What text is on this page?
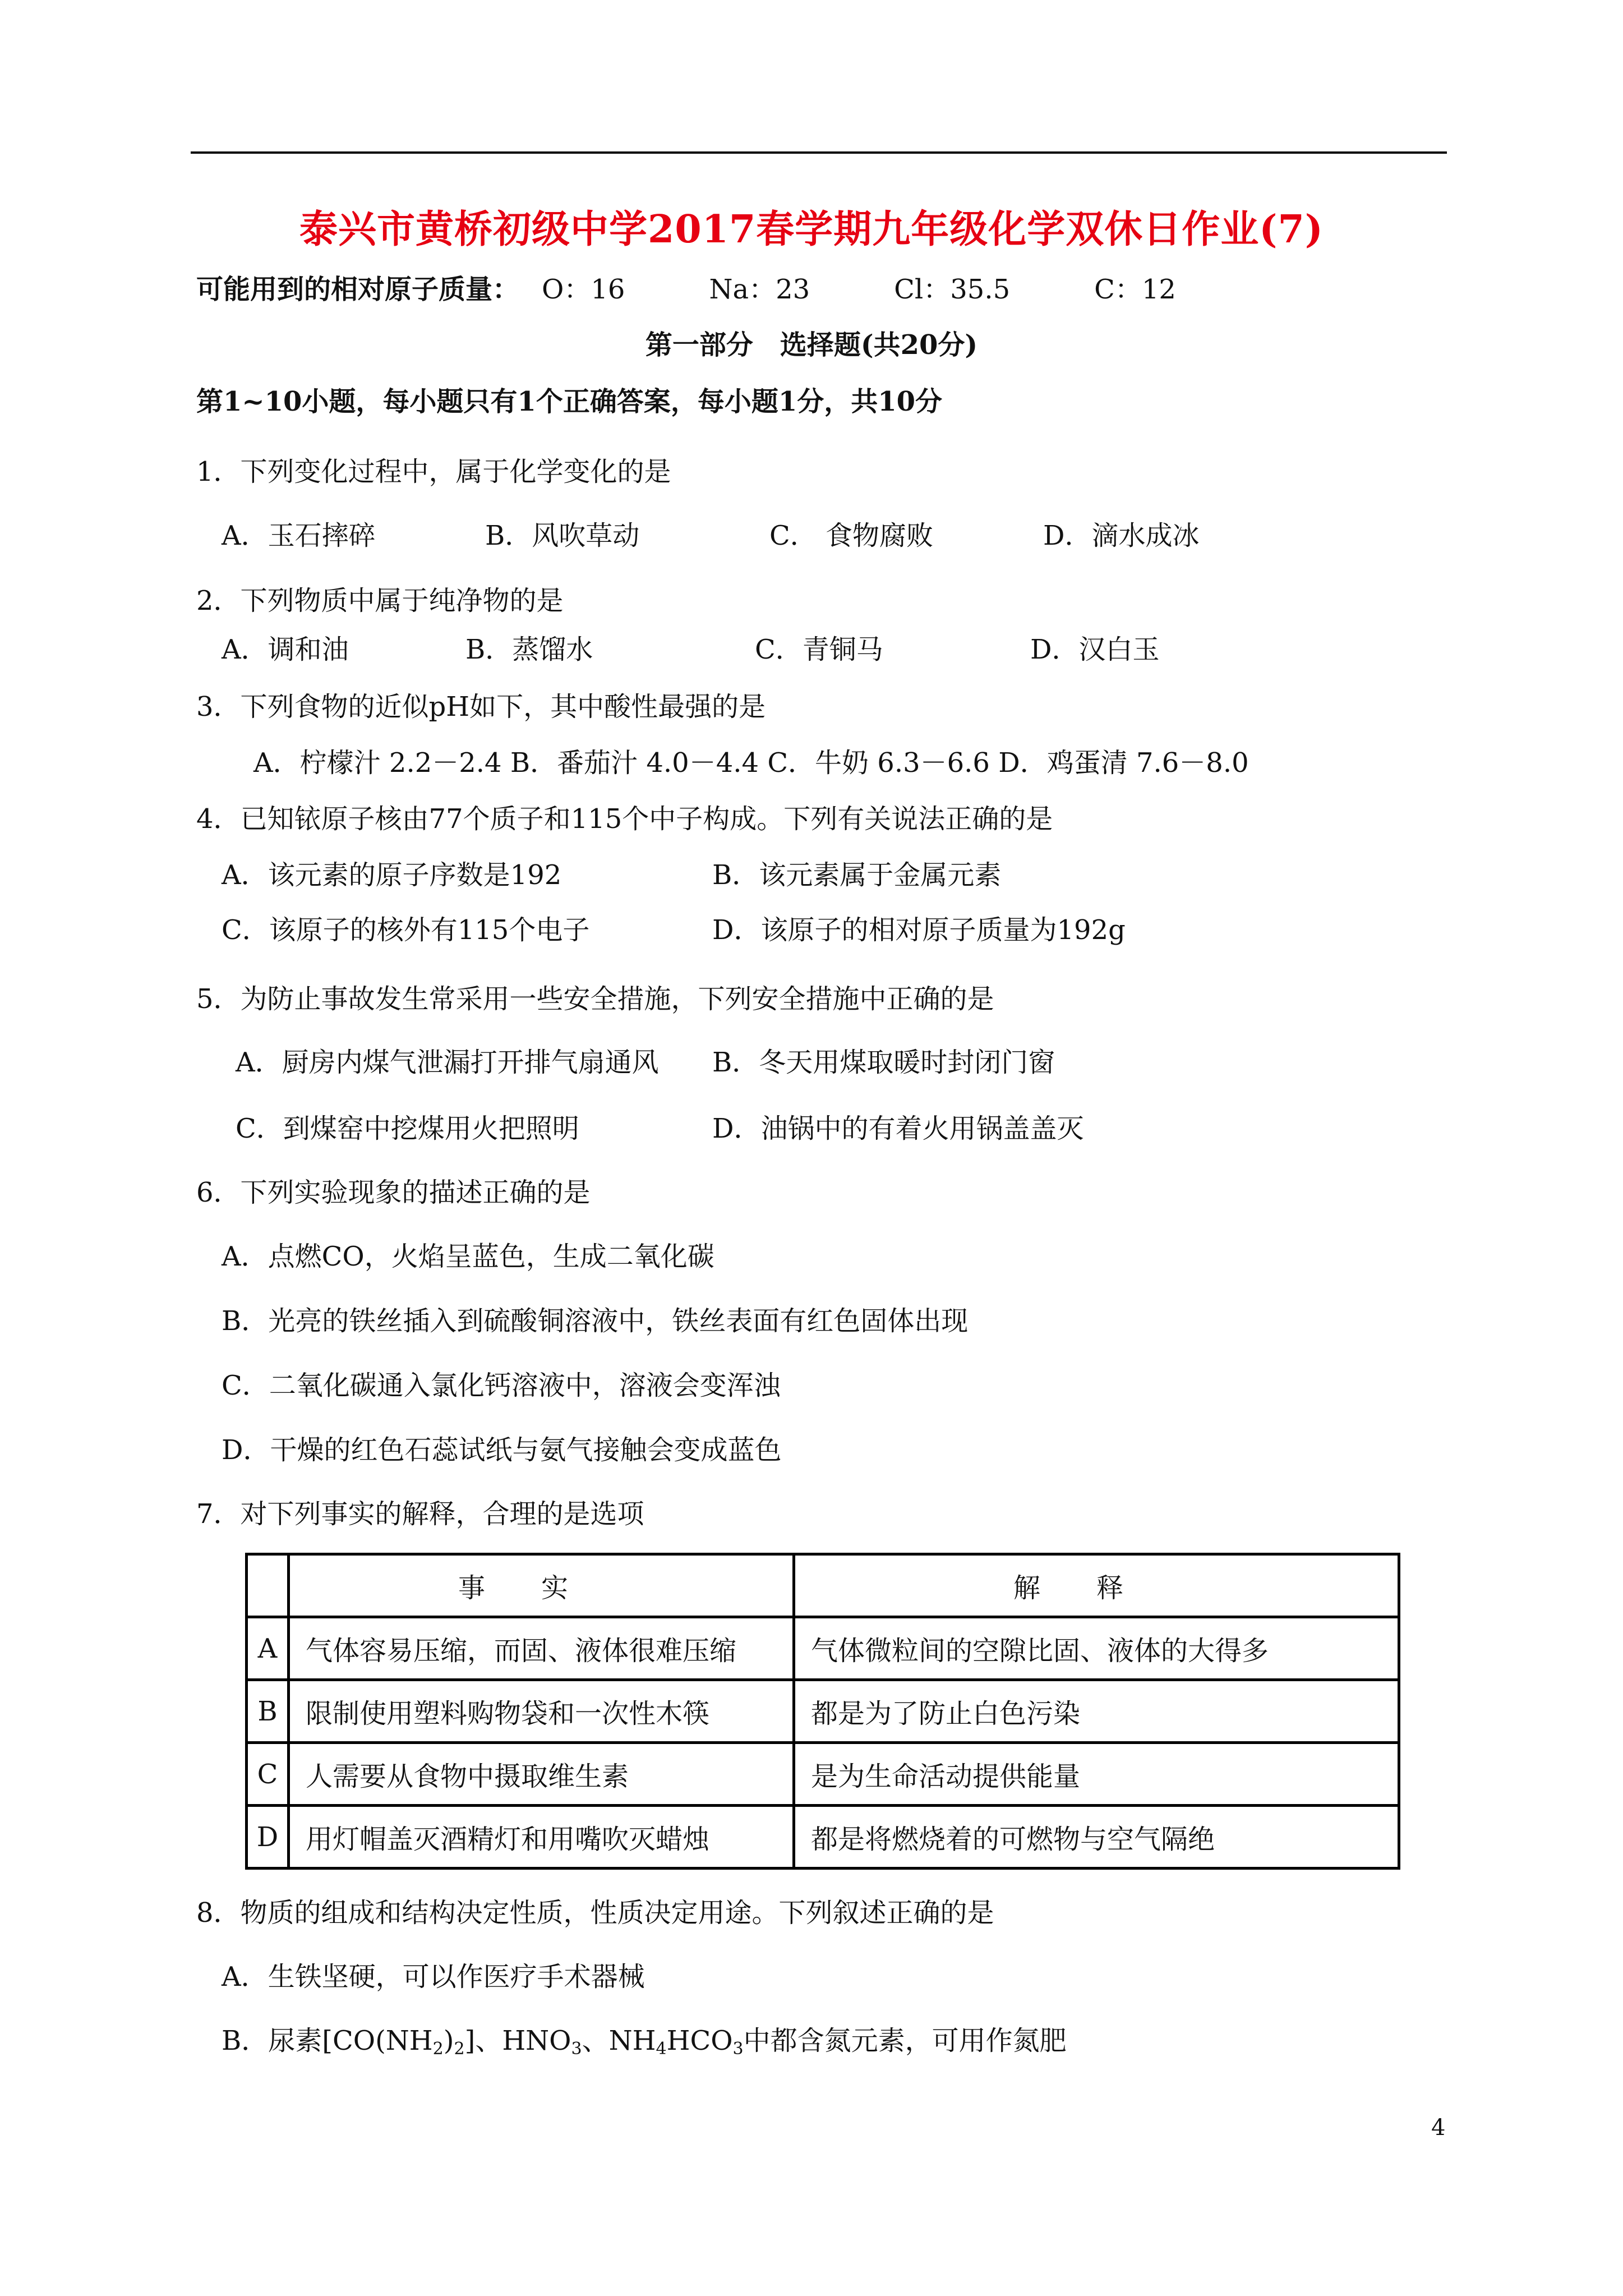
泰兴市黄桥初级中学2017春学期九年级化学双休日作业(7)
可能用到的相对原子质量： O：16	Na：23	Cl：35.5	C：12
第一部分　选择题(共20分)
第1~10小题，每小题只有1个正确答案，每小题1分，共10分
1．下列变化过程中，属于化学变化的是
A．玉石摔碎	B．风吹草动	C． 食物腐败	D．滴水成冰
2．下列物质中属于纯净物的是
A．调和油	B．蒸馏水	C．青铜马	D．汉白玉
3．下列食物的近似pH如下，其中酸性最强的是
A．柠檬汁 2.2－2.4 B．番茄汁 4.0－4.4 C．牛奶 6.3－6.6 D．鸡蛋清 7.6－8.0
4．已知铱原子核由77个质子和115个中子构成。下列有关说法正确的是
A．该元素的原子序数是192	B．该元素属于金属元素
C．该原子的核外有115个电子	D．该原子的相对原子质量为192g
5．为防止事故发生常采用一些安全措施，下列安全措施中正确的是
A．厨房内煤气泄漏打开排气扇通风 B．冬天用煤取暖时封闭门窗
C．到煤窑中挖煤用火把照明	D．油锅中的有着火用锅盖盖灭
6．下列实验现象的描述正确的是
A．点燃CO，火焰呈蓝色，生成二氧化碳
B．光亮的铁丝插入到硫酸铜溶液中，铁丝表面有红色固体出现
C．二氧化碳通入氯化钙溶液中，溶液会变浑浊
D．干燥的红色石蕊试纸与氨气接触会变成蓝色
7．对下列事实的解释，合理的是选项
	事实	解释
A	气体容易压缩，而固、液体很难压缩	气体微粒间的空隙比固、液体的大得多
B	限制使用塑料购物袋和一次性木筷	都是为了防止白色污染
C	人需要从食物中摄取维生素	是为生命活动提供能量
D	用灯帽盖灭酒精灯和用嘴吹灭蜡烛	都是将燃烧着的可燃物与空气隔绝
8．物质的组成和结构决定性质，性质决定用途。下列叙述正确的是
A．生铁坚硬，可以作医疗手术器械
B．尿素$[CO(NH_2)_2]$、$HNO_3$、$NH_4HCO_3$中都含氮元素，可用作氮肥
4
